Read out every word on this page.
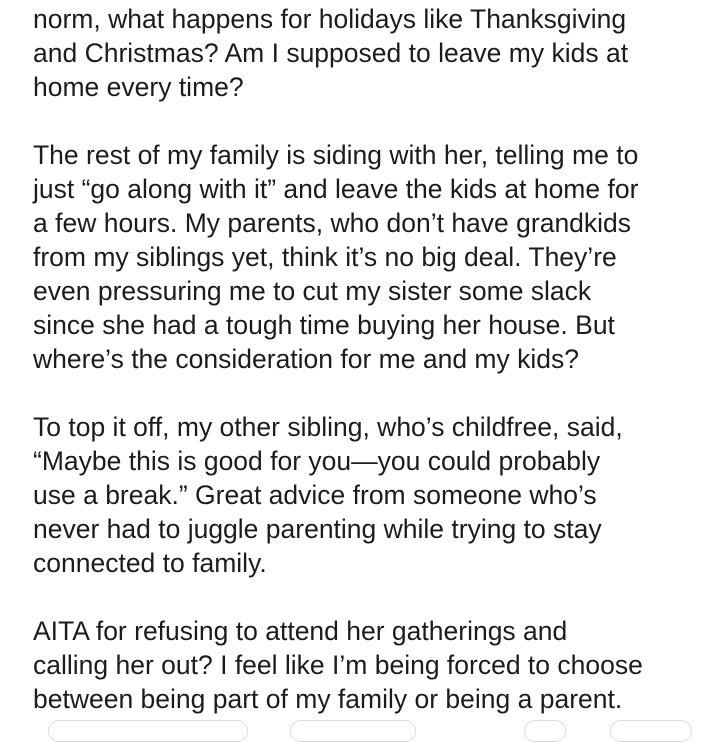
norm, what happens for holidays like Thanksgiving
and Christmas? Am I supposed to leave my kids at
home every time?
The rest of my family is siding with her, telling me to
just “go along with it” and leave the kids at home for
a few hours. My parents, who don’t have grandkids
from my siblings yet, think it’s no big deal. They’re
even pressuring me to cut my sister some slack
since she had a tough time buying her house. But
where’s the consideration for me and my kids?
To top it off, my other sibling, who’s childfree, said,
“Maybe this is good for you—you could probably
use a break.” Great advice from someone who’s
never had to juggle parenting while trying to stay
connected to family.
AITA for refusing to attend her gatherings and
calling her out? I feel like I’m being forced to choose
between being part of my family or being a parent.
